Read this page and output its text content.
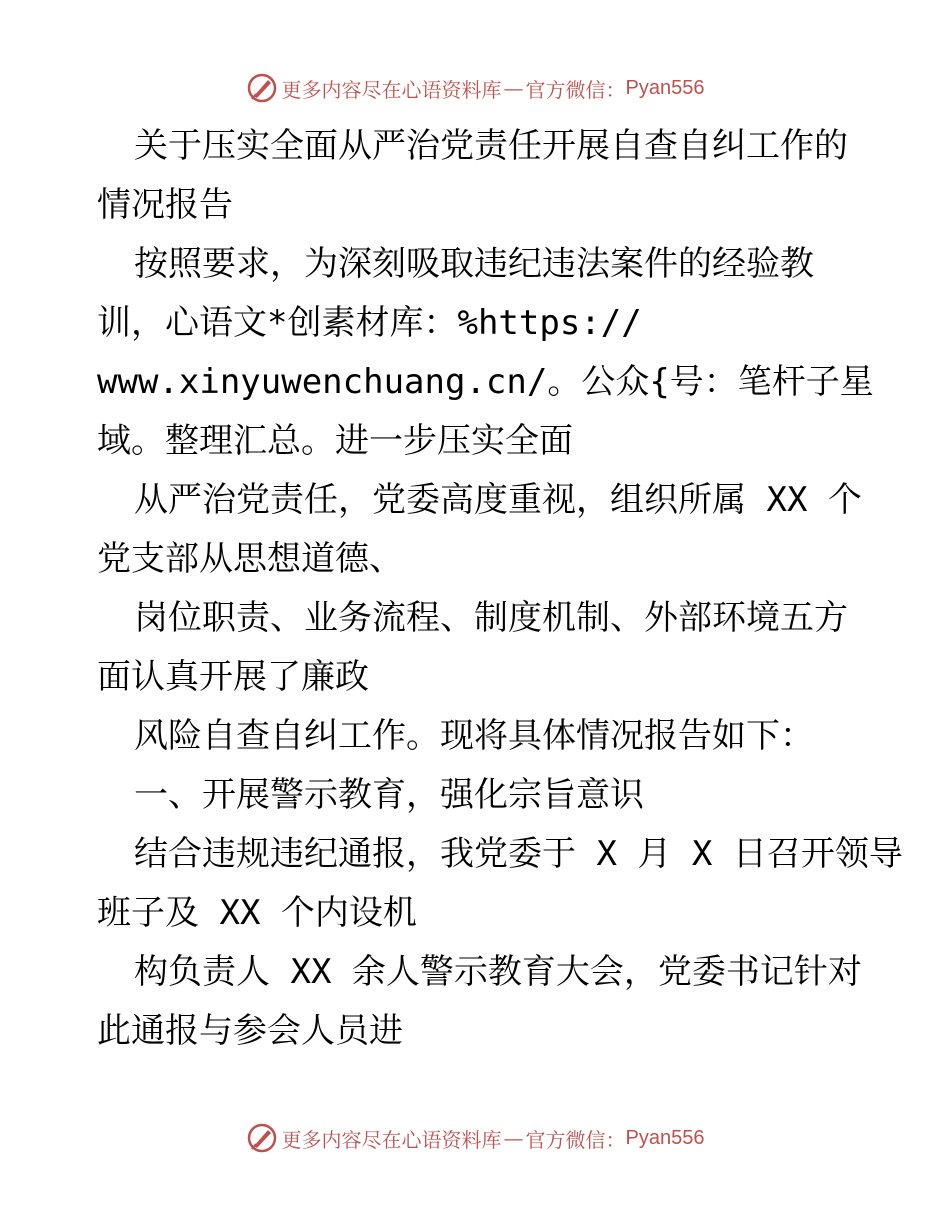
更多内容尽在心语资料库 — 官方微信： Pyan556
关于压实全面从严治党责任开展自查自纠工作的
情况报告
按照要求，为深刻吸取违纪违法案件的经验教
训，心语文*创素材库：%https://
www.xinyuwenchuang.cn/。公众{号：笔杆子星
域。整理汇总。进一步压实全面
从严治党责任，党委高度重视，组织所属 XX 个
党支部从思想道德、
岗位职责、业务流程、制度机制、外部环境五方
面认真开展了廉政
风险自查自纠工作。现将具体情况报告如下：
一、开展警示教育，强化宗旨意识
结合违规违纪通报，我党委于 X 月 X 日召开领导
班子及 XX 个内设机
构负责人 XX 余人警示教育大会，党委书记针对
此通报与参会人员进
更多内容尽在心语资料库 — 官方微信： Pyan556
